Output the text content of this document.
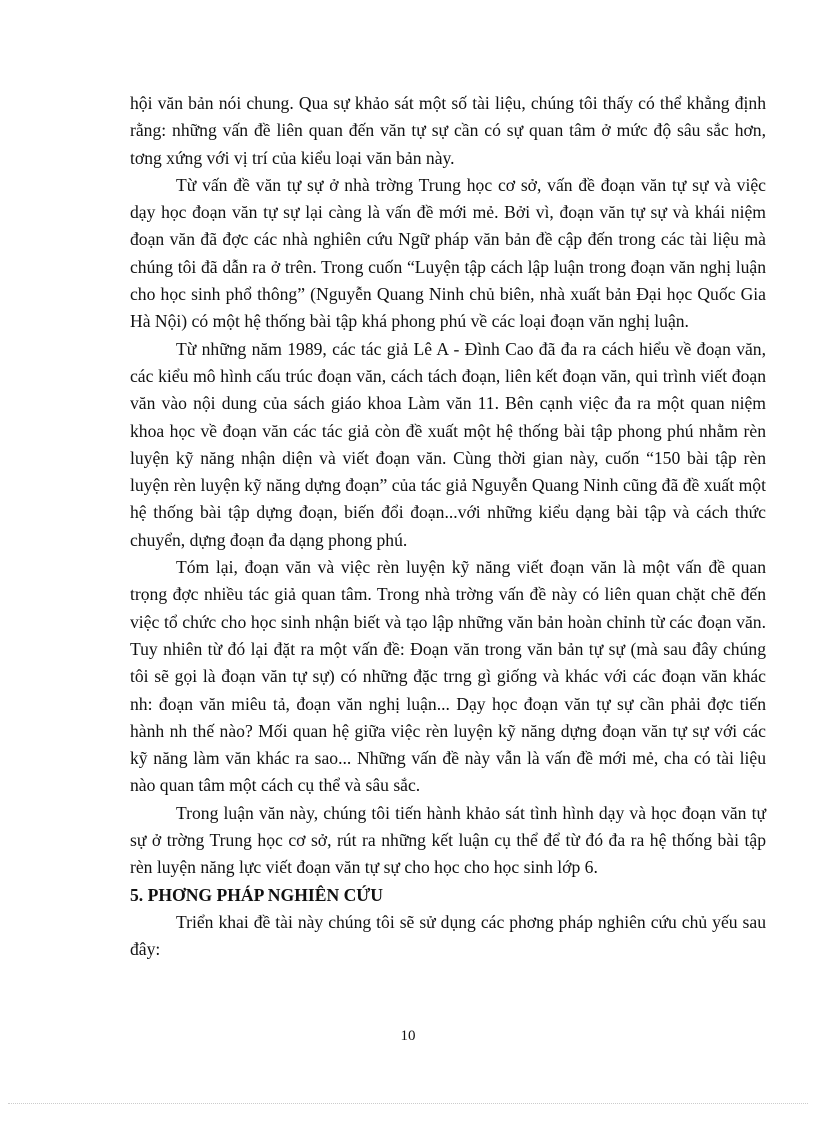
hội văn bản nói chung. Qua sự khảo sát một số tài liệu, chúng tôi thấy có thể khẳng định rằng: những vấn đề liên quan đến văn tự sự cần có sự quan tâm ở mức độ sâu sắc hơn, tơng xứng với vị trí của kiểu loại văn bản này.

Từ vấn đề văn tự sự ở nhà trờng Trung học cơ sở, vấn đề đoạn văn tự sự và việc dạy học đoạn văn tự sự lại càng là vấn đề mới mẻ. Bởi vì, đoạn văn tự sự và khái niệm đoạn văn đã đợc các nhà nghiên cứu Ngữ pháp văn bản đề cập đến trong các tài liệu mà chúng tôi đã dẫn ra ở trên. Trong cuốn “Luyện tập cách lập luận trong đoạn văn nghị luận cho học sinh phổ thông” (Nguyễn Quang Ninh chủ biên, nhà xuất bản Đại học Quốc Gia Hà Nội) có một hệ thống bài tập khá phong phú về các loại đoạn văn nghị luận.

Từ những năm 1989, các tác giả Lê A - Đình Cao đã đa ra cách hiểu về đoạn văn, các kiểu mô hình cấu trúc đoạn văn, cách tách đoạn, liên kết đoạn văn, qui trình viết đoạn văn vào nội dung của sách giáo khoa Làm văn 11. Bên cạnh việc đa ra một quan niệm khoa học về đoạn văn các tác giả còn đề xuất một hệ thống bài tập phong phú nhằm rèn luyện kỹ năng nhận diện và viết đoạn văn. Cùng thời gian này, cuốn “150 bài tập rèn luyện rèn luyện kỹ năng dựng đoạn” của tác giả Nguyễn Quang Ninh cũng đã đề xuất một hệ thống bài tập dựng đoạn, biến đổi đoạn...với những kiểu dạng bài tập và cách thức chuyển, dựng đoạn đa dạng phong phú.

Tóm lại, đoạn văn và việc rèn luyện kỹ năng viết đoạn văn là một vấn đề quan trọng đợc nhiều tác giả quan tâm. Trong nhà trờng vấn đề này có liên quan chặt chẽ đến việc tổ chức cho học sinh nhận biết và tạo lập những văn bản hoàn chỉnh từ các đoạn văn. Tuy nhiên từ đó lại đặt ra một vấn đề: Đoạn văn trong văn bản tự sự (mà sau đây chúng tôi sẽ gọi là đoạn văn tự sự) có những đặc trng gì giống và khác với các đoạn văn khác nh: đoạn văn miêu tả, đoạn văn nghị luận... Dạy học đoạn văn tự sự cần phải đợc tiến hành nh thế nào? Mối quan hệ giữa việc rèn luyện kỹ năng dựng đoạn văn tự sự với các kỹ năng làm văn khác ra sao... Những vấn đề này vẫn là vấn đề mới mẻ, cha có tài liệu nào quan tâm một cách cụ thể và sâu sắc.

Trong luận văn này, chúng tôi tiến hành khảo sát tình hình dạy và học đoạn văn tự sự ở trờng Trung học cơ sở, rút ra những kết luận cụ thể để từ đó đa ra hệ thống bài tập rèn luyện năng lực viết đoạn văn tự sự cho học cho học sinh lớp 6.

5. PHƠNG PHÁP NGHIÊN CỨU

Triển khai đề tài này chúng tôi sẽ sử dụng các phơng pháp nghiên cứu chủ yếu sau đây:

10
